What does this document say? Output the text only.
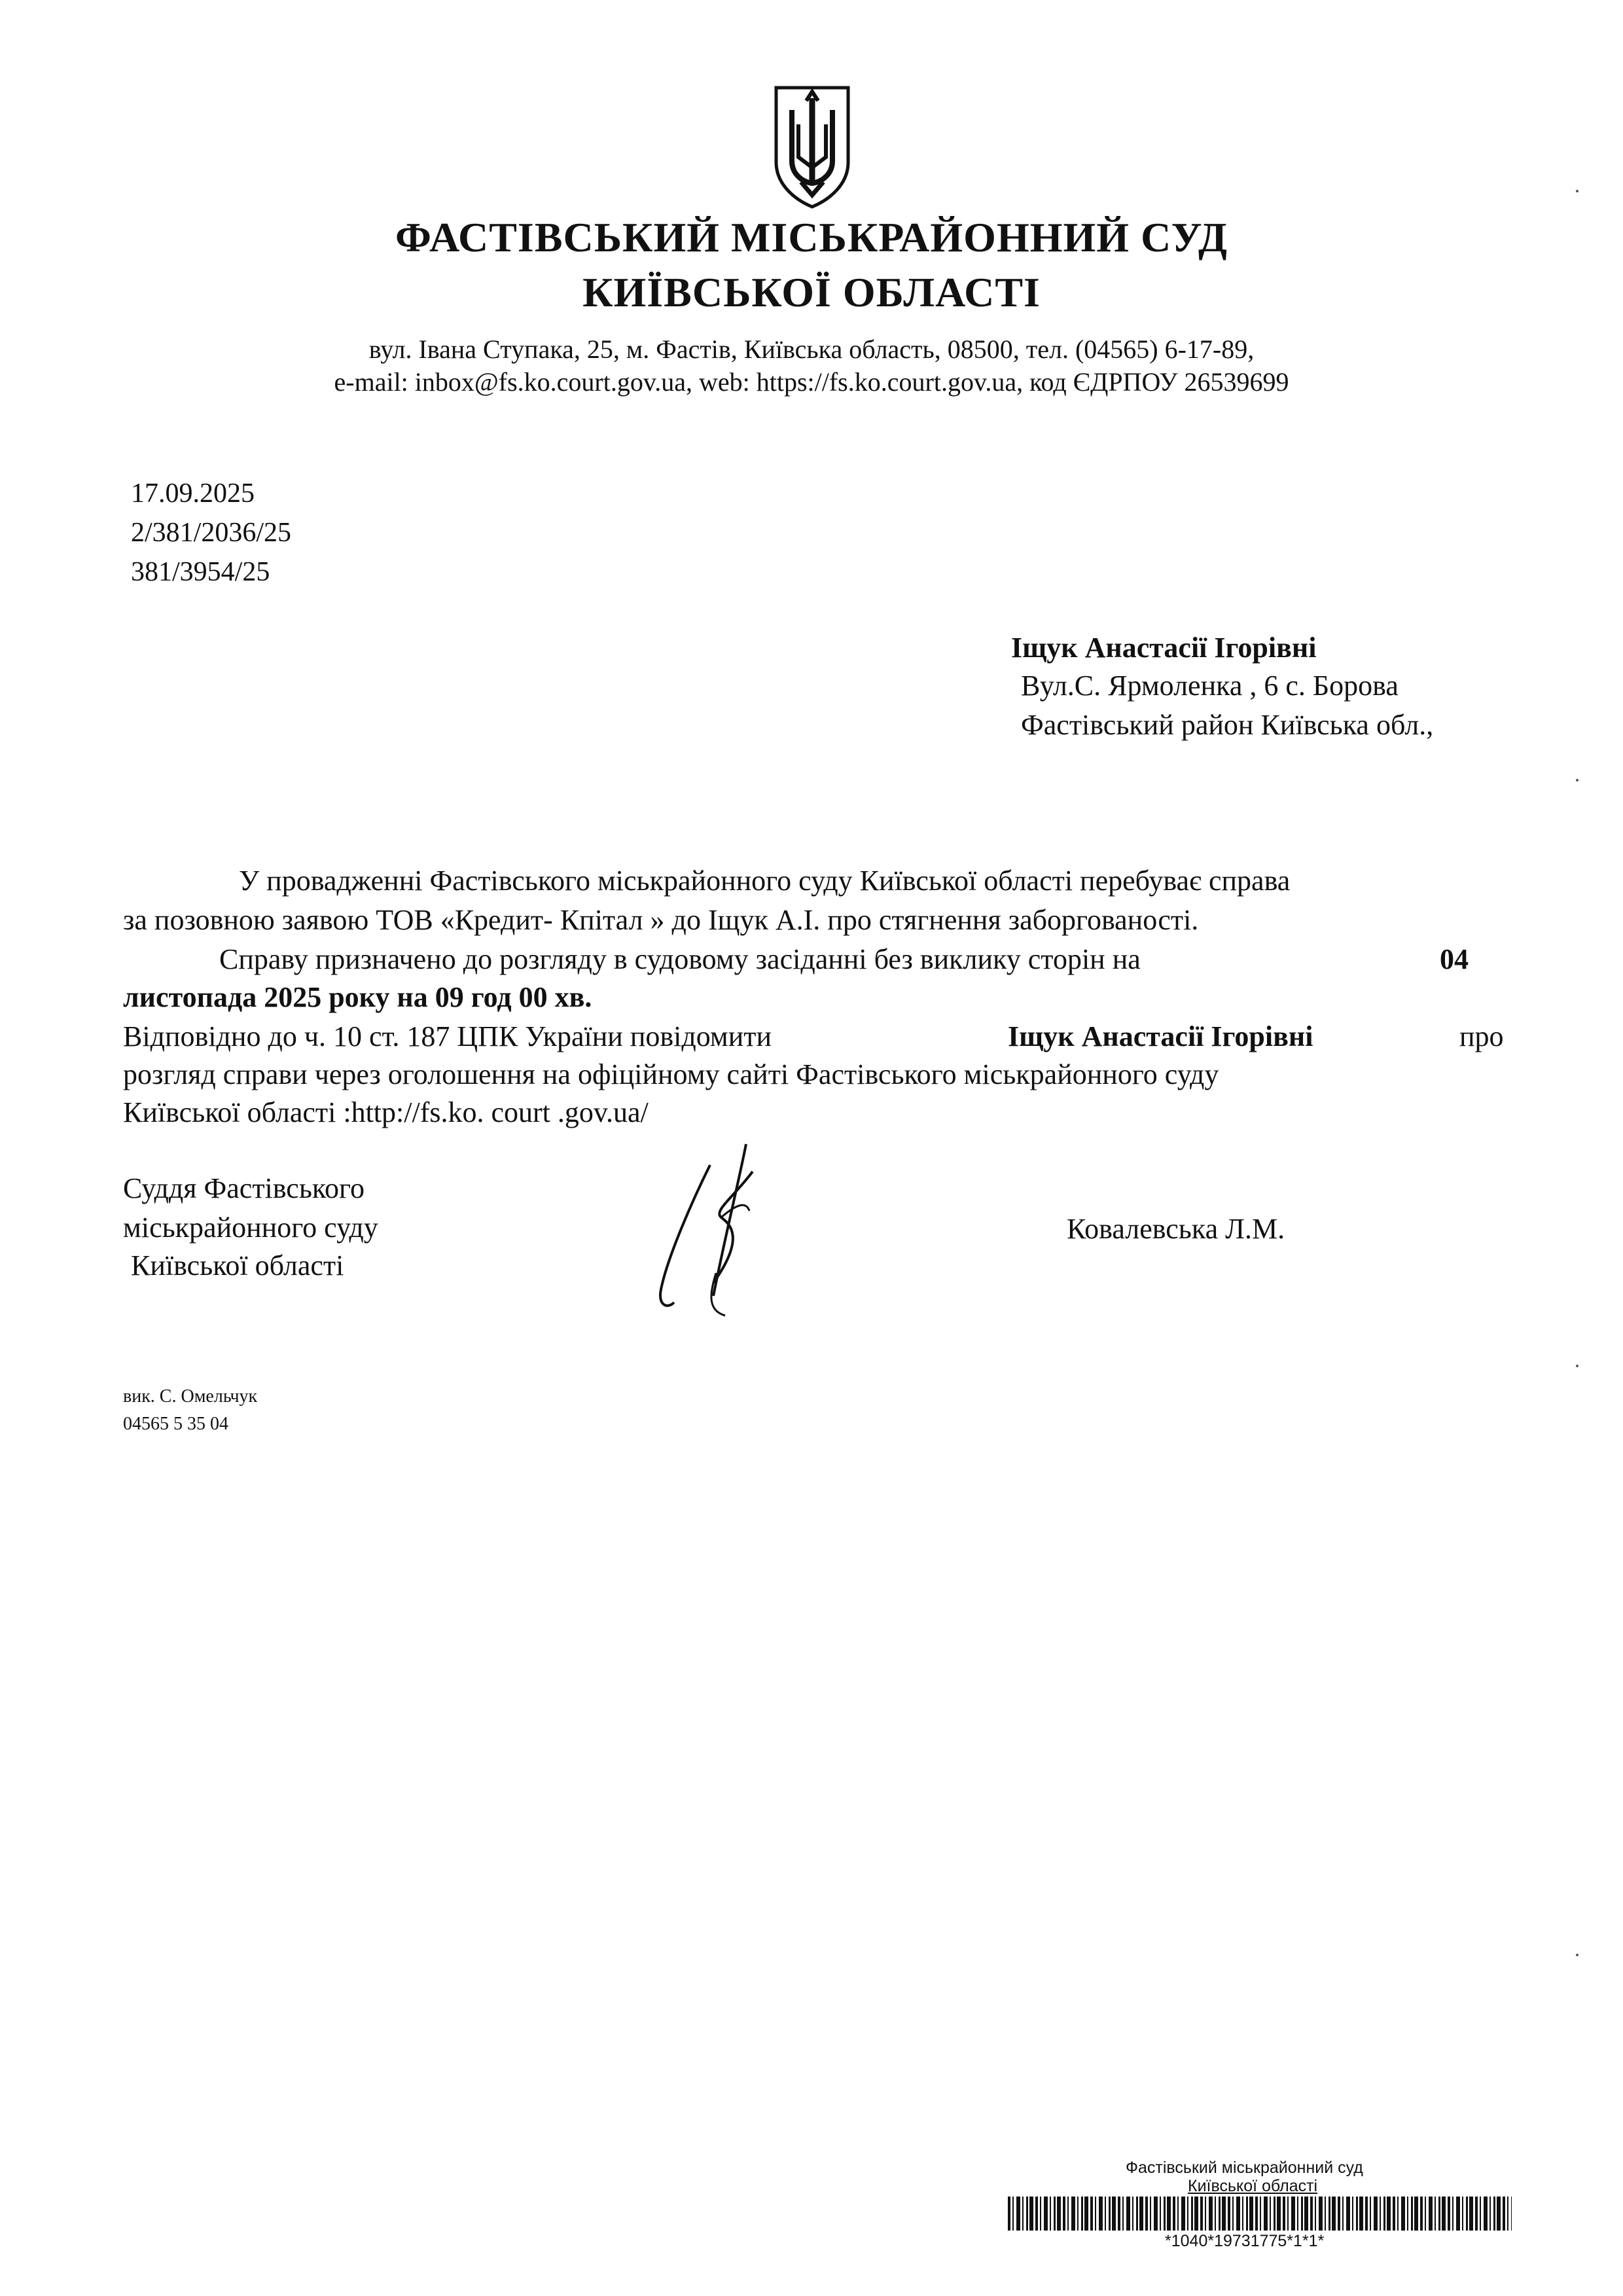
ФАСТІВСЬКИЙ МІСЬКРАЙОННИЙ СУД
КИЇВСЬКОЇ ОБЛАСТІ
вул. Івана Ступака, 25, м. Фастів, Київська область, 08500, тел. (04565) 6-17-89,
e-mail: inbox@fs.ko.court.gov.ua, web: https://fs.ko.court.gov.ua, код ЄДРПОУ 26539699
17.09.2025
2/381/2036/25
381/3954/25
Іщук Анастасії Ігорівні
Вул.С. Ярмоленка , 6 с. Борова
Фастівський район Київська обл.,
У провадженні Фастівського міськрайонного суду Київської області перебуває справа
за позовною заявою ТОВ «Кредит- Кпітал » до Іщук А.І. про стягнення заборгованості.
Справу призначено до розгляду в судовому засіданні без виклику сторін на	04
листопада 2025 року на 09 год 00 хв.
Відповідно до ч. 10 ст. 187 ЦПК України повідомити	Іщук Анастасії Ігорівні	про
розгляд справи через оголошення на офіційному сайті Фастівського міськрайонного суду
Київської області :http://fs.ko. court .gov.ua/
Суддя Фастівського
міськрайонного суду
Київської області
Ковалевська Л.М.
вик. С. Омельчук
04565 5 35 04
Фастівський міськрайонний суд
Київської області
*1040*19731775*1*1*
